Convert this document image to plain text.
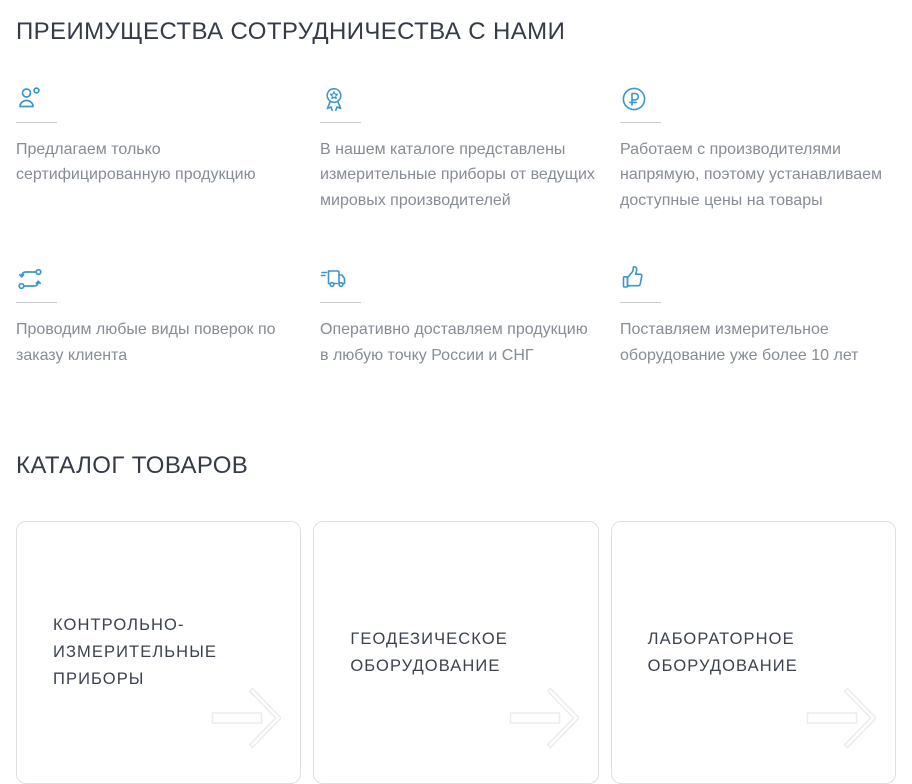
ПРЕИМУЩЕСТВА СОТРУДНИЧЕСТВА С НАМИ
Предлагаем только сертифицированную продукцию
В нашем каталоге представлены измерительные приборы от ведущих мировых производителей
Работаем с производителями напрямую, поэтому устанавливаем доступные цены на товары
Проводим любые виды поверок по заказу клиента
Оперативно доставляем продукцию в любую точку России и СНГ
Поставляем измерительное оборудование уже более 10 лет
КАТАЛОГ ТОВАРОВ
КОНТРОЛЬНО-ИЗМЕРИТЕЛЬНЫЕ ПРИБОРЫ
ГЕОДЕЗИЧЕСКОЕ ОБОРУДОВАНИЕ
ЛАБОРАТОРНОЕ ОБОРУДОВАНИЕ
